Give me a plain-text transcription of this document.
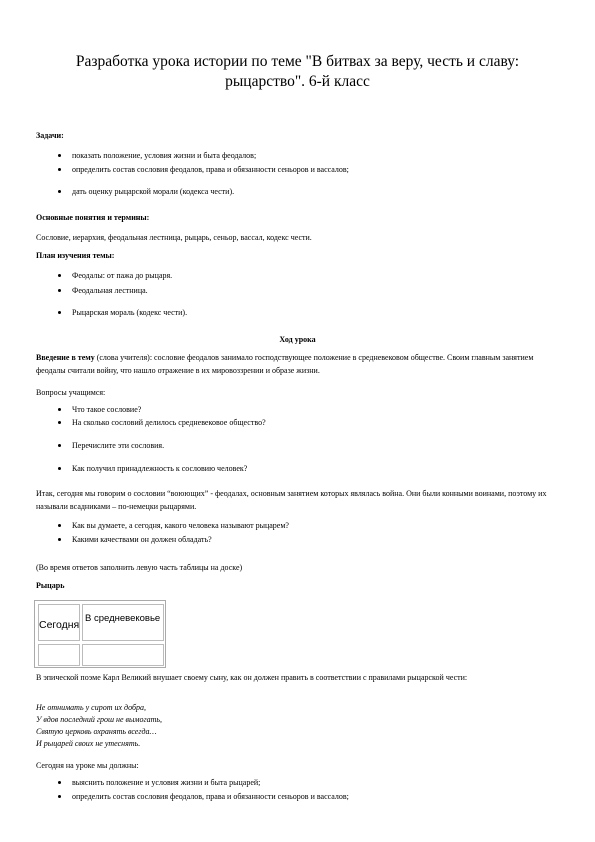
Разработка урока истории по теме "В битвах за веру, честь и славу: рыцарство". 6-й класс
Задачи:
показать положение, условия жизни и быта феодалов;
определить состав сословия феодалов, права и обязанности сеньоров и вассалов;
дать оценку рыцарской морали (кодекса чести).
Основные понятия и термины:
Сословие, иерархия, феодальная лестница, рыцарь, сеньор, вассал, кодекс чести.
План изучения темы:
Феодалы: от пажа до рыцаря.
Феодальная лестница.
Рыцарская мораль (кодекс чести).
Ход урока
Введение в тему (слова учителя): сословие феодалов занимало господствующее положение в средневековом обществе. Своим главным занятием феодалы считали войну, что нашло отражение в их мировоззрении и образе жизни.
Вопросы учащимся:
Что такое сословие?
На сколько сословий делилось средневековое общество?
Перечислите эти сословия.
Как получил принадлежность к сословию человек?
Итак, сегодня мы говорим о сословии “воюющих” - феодалах, основным занятием которых являлась война. Они были конными воинами, поэтому их называли всадниками – по-немецки рыцарями.
Как вы думаете, а сегодня, какого человека называют рыцарем?
Какими качествами он должен обладать?
(Во время ответов заполнить левую часть таблицы на доске)
Рыцарь
Сегодня
В средневековье
В эпической поэме Карл Великий внушает своему сыну, как он должен править в соответствии с правилами рыцарской чести:
Не отнимать у сирот их добра,
У вдов последний грош не вымогать,
Святую церковь охранять всегда…
И рыцарей своих не утеснять.
Сегодня на уроке мы должны:
выяснить положение и условия жизни и быта рыцарей;
определить состав сословия феодалов, права и обязанности сеньоров и вассалов;
